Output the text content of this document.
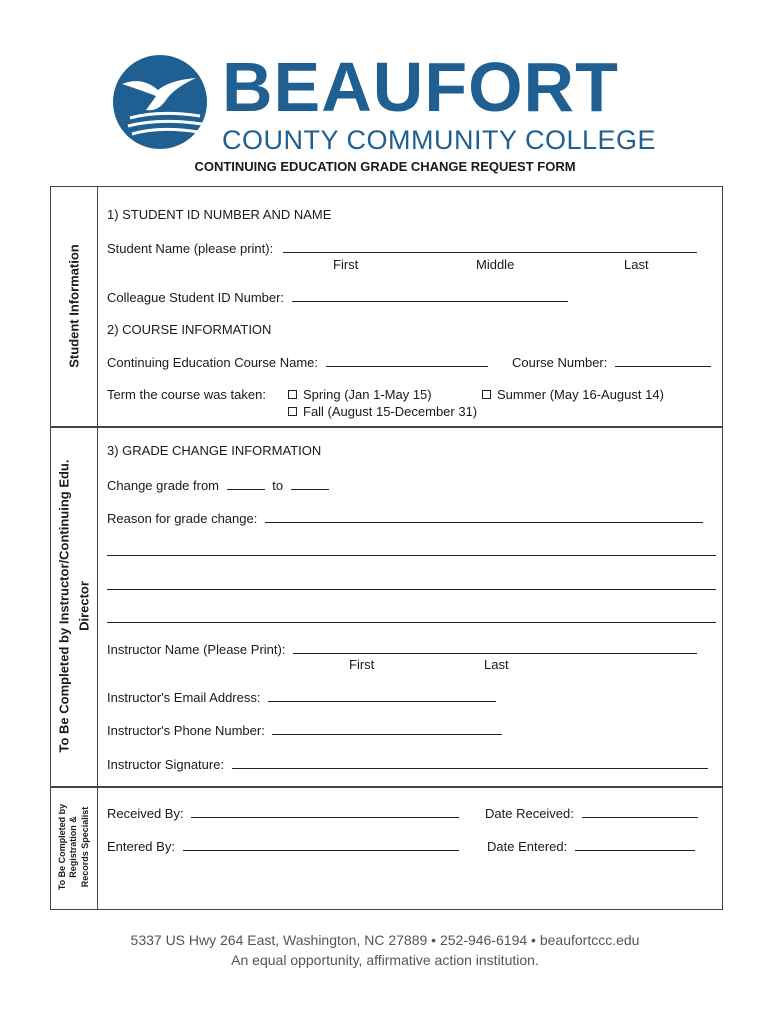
BEAUFORT
COUNTY COMMUNITY COLLEGE
CONTINUING EDUCATION GRADE CHANGE REQUEST FORM
Student Information
To Be Completed by Instructor/Continuing Edu. Director
To Be Completed by Registration & Records Specialist
1) STUDENT ID NUMBER AND NAME
Student Name (please print):
First	Middle	Last
Colleague Student ID Number:
2) COURSE INFORMATION
Continuing Education Course Name:	Course Number:
Term the course was taken:	Spring (Jan 1-May 15)	Summer (May 16-August 14)
Fall (August 15-December 31)
3) GRADE CHANGE INFORMATION
Change grade from	to
Reason for grade change:
Instructor Name (Please Print):
First	Last
Instructor's Email Address:
Instructor's Phone Number:
Instructor Signature:
Received By:	Date Received:
Entered By:	Date Entered:
5337 US Hwy 264 East, Washington, NC 27889 • 252-946-6194 • beaufortccc.edu
An equal opportunity, affirmative action institution.
